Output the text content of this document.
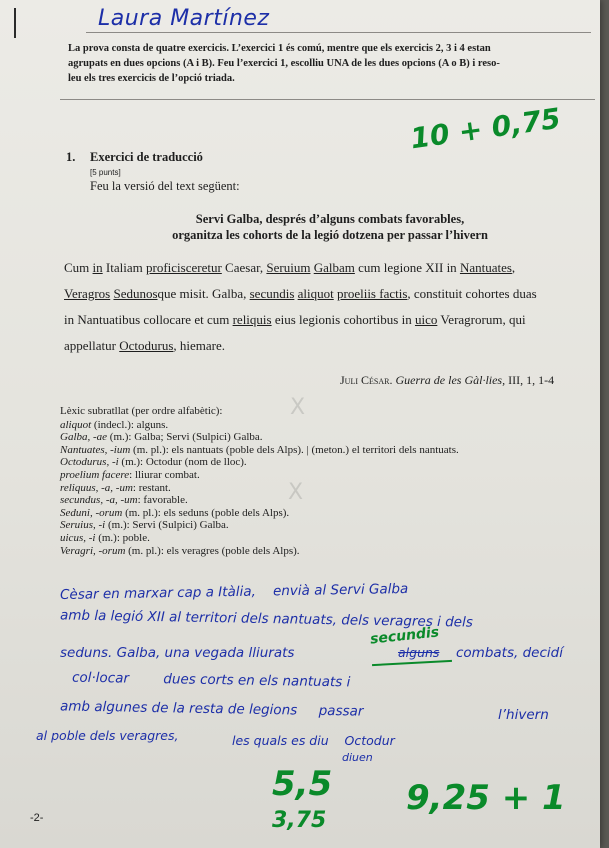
Laura Martínez
La prova consta de quatre exercicis. L’exercici 1 és comú, mentre que els exercicis 2, 3 i 4 estan
agrupats en dues opcions (A i B). Feu l’exercici 1, escolliu UNA de les dues opcions (A o B) i reso-
leu els tres exercicis de l’opció triada.
10 + 0,75
1. Exercici de traducció
[5 punts]
Feu la versió del text següent:
Servi Galba, després d’alguns combats favorables,
organitza les cohorts de la legió dotzena per passar l’hivern
Cum in Italiam proficisceretur Caesar, Seruium Galbam cum legione XII in Nantuates,
Veragros Sedunosque misit. Galba, secundis aliquot proeliis factis, constituit cohortes duas
in Nantuatibus collocare et cum reliquis eius legionis cohortibus in uico Veragrorum, qui
appellatur Octodurus, hiemare.
Juli César. Guerra de les Gàl·lies, III, 1, 1-4
X
X
Lèxic subratllat (per ordre alfabètic):
aliquot (indecl.): alguns.
Galba, -ae (m.): Galba; Servi (Sulpici) Galba.
Nantuates, -ium (m. pl.): els nantuats (poble dels Alps). | (meton.) el territori dels nantuats.
Octodurus, -i (m.): Octodur (nom de lloc).
proelium facere: lliurar combat.
reliquus, -a, -um: restant.
secundus, -a, -um: favorable.
Seduni, -orum (m. pl.): els seduns (poble dels Alps).
Seruius, -i (m.): Servi (Sulpici) Galba.
uicus, -i (m.): poble.
Veragri, -orum (m. pl.): els veragres (poble dels Alps).
Cèsar en marxar cap a Itàlia,    envià al Servi Galba
amb la legió XII al territori dels nantuats, dels veragres i dels
secundis
seduns. Galba, una vegada lliurats	alguns combats, decidí
col·locar        dues corts en els nantuats i
amb algunes de la resta de legions     passar	l’hivern
al poble dels veragres,	les quals es diu    Octodur
diuen
5,5
3,75
9,25 + 1
-2-
